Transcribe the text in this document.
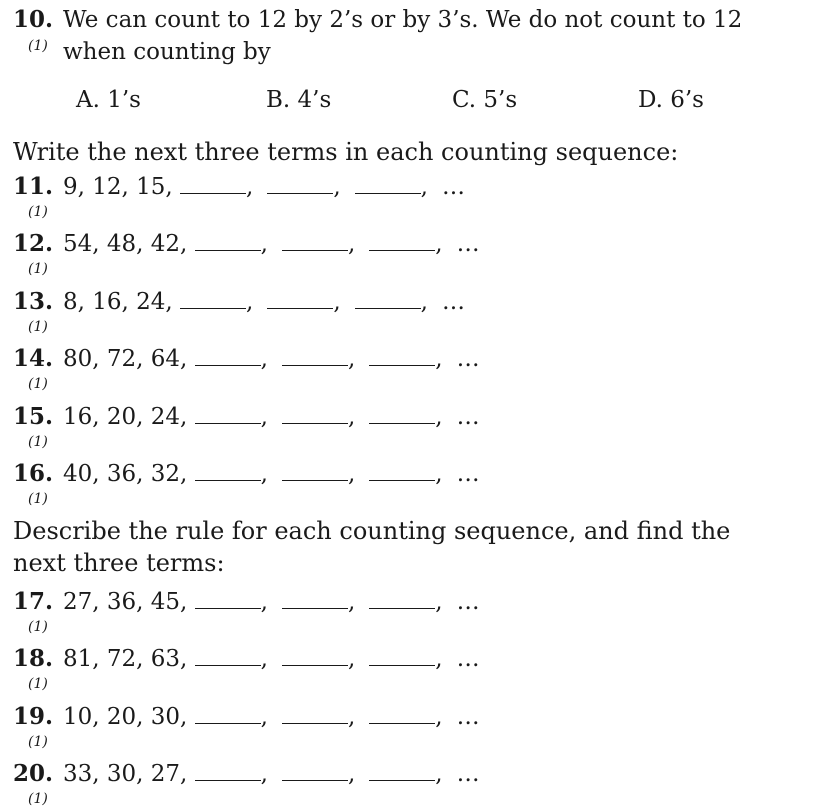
10.
(1)
We can count to 12 by 2’s or by 3’s. We do not count to 12
when counting by
A. 1’s	B. 4’s	C. 5’s	D. 6’s
Write the next three terms in each counting sequence:
Describe the rule for each counting sequence, and find the
next three terms:
11.
(1)
9, 12, 15,	,	,	, …
12.
(1)
54, 48, 42,	,	,	, …
13.
(1)
8, 16, 24,	,	,	, …
14.
(1)
80, 72, 64,	,	,	, …
15.
(1)
16, 20, 24,	,	,	, …
16.
(1)
40, 36, 32,	,	,	, …
17.
(1)
27, 36, 45,	,	,	, …
18.
(1)
81, 72, 63,	,	,	, …
19.
(1)
10, 20, 30,	,	,	, …
20.
(1)
33, 30, 27,	,	,	, …
